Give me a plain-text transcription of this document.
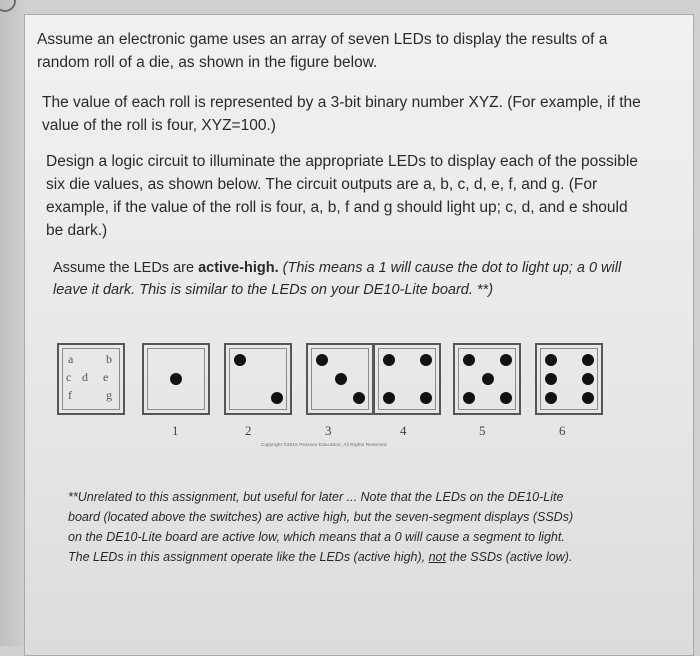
Assume an electronic game uses an array of seven LEDs to display the results of a random roll of a die, as shown in the figure below.

The value of each roll is represented by a 3-bit binary number XYZ. (For example, if the value of the roll is four, XYZ=100.)

Design a logic circuit to illuminate the appropriate LEDs to display each of the possible six die values, as shown below. The circuit outputs are a, b, c, d, e, f, and g. (For example, if the value of the roll is four, a, b, f and g should light up; c, d, and e should be dark.)

Assume the LEDs are active-high. (This means a 1 will cause the dot to light up; a 0 will leave it dark. This is similar to the LEDs on your DE10-Lite board. **)

a	b
c d e
f	g
1	2	3	4	5	6
Copyright ©2016 Pearson Education, All Rights Reserved

**Unrelated to this assignment, but useful for later ... Note that the LEDs on the DE10-Lite board (located above the switches) are active high, but the seven-segment displays (SSDs) on the DE10-Lite board are active low, which means that a 0 will cause a segment to light. The LEDs in this assignment operate like the LEDs (active high), not the SSDs (active low).
